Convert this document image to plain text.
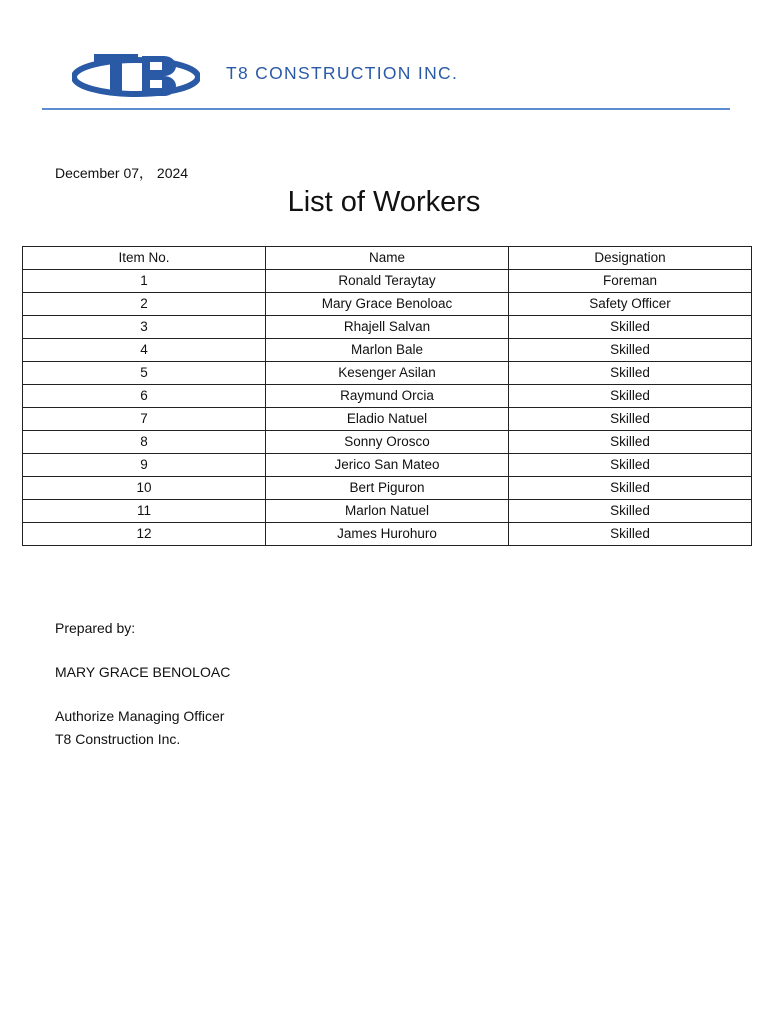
T8 CONSTRUCTION INC.
December 07， 2024
List of Workers
Item No.	Name	Designation
1	Ronald Teraytay	Foreman
2	Mary Grace Benoloac	Safety Officer
3	Rhajell Salvan	Skilled
4	Marlon Bale	Skilled
5	Kesenger Asilan	Skilled
6	Raymund Orcia	Skilled
7	Eladio Natuel	Skilled
8	Sonny Orosco	Skilled
9	Jerico San Mateo	Skilled
10	Bert Piguron	Skilled
11	Marlon Natuel	Skilled
12	James Hurohuro	Skilled
Prepared by:
MARY GRACE BENOLOAC
Authorize Managing Officer
T8 Construction Inc.
